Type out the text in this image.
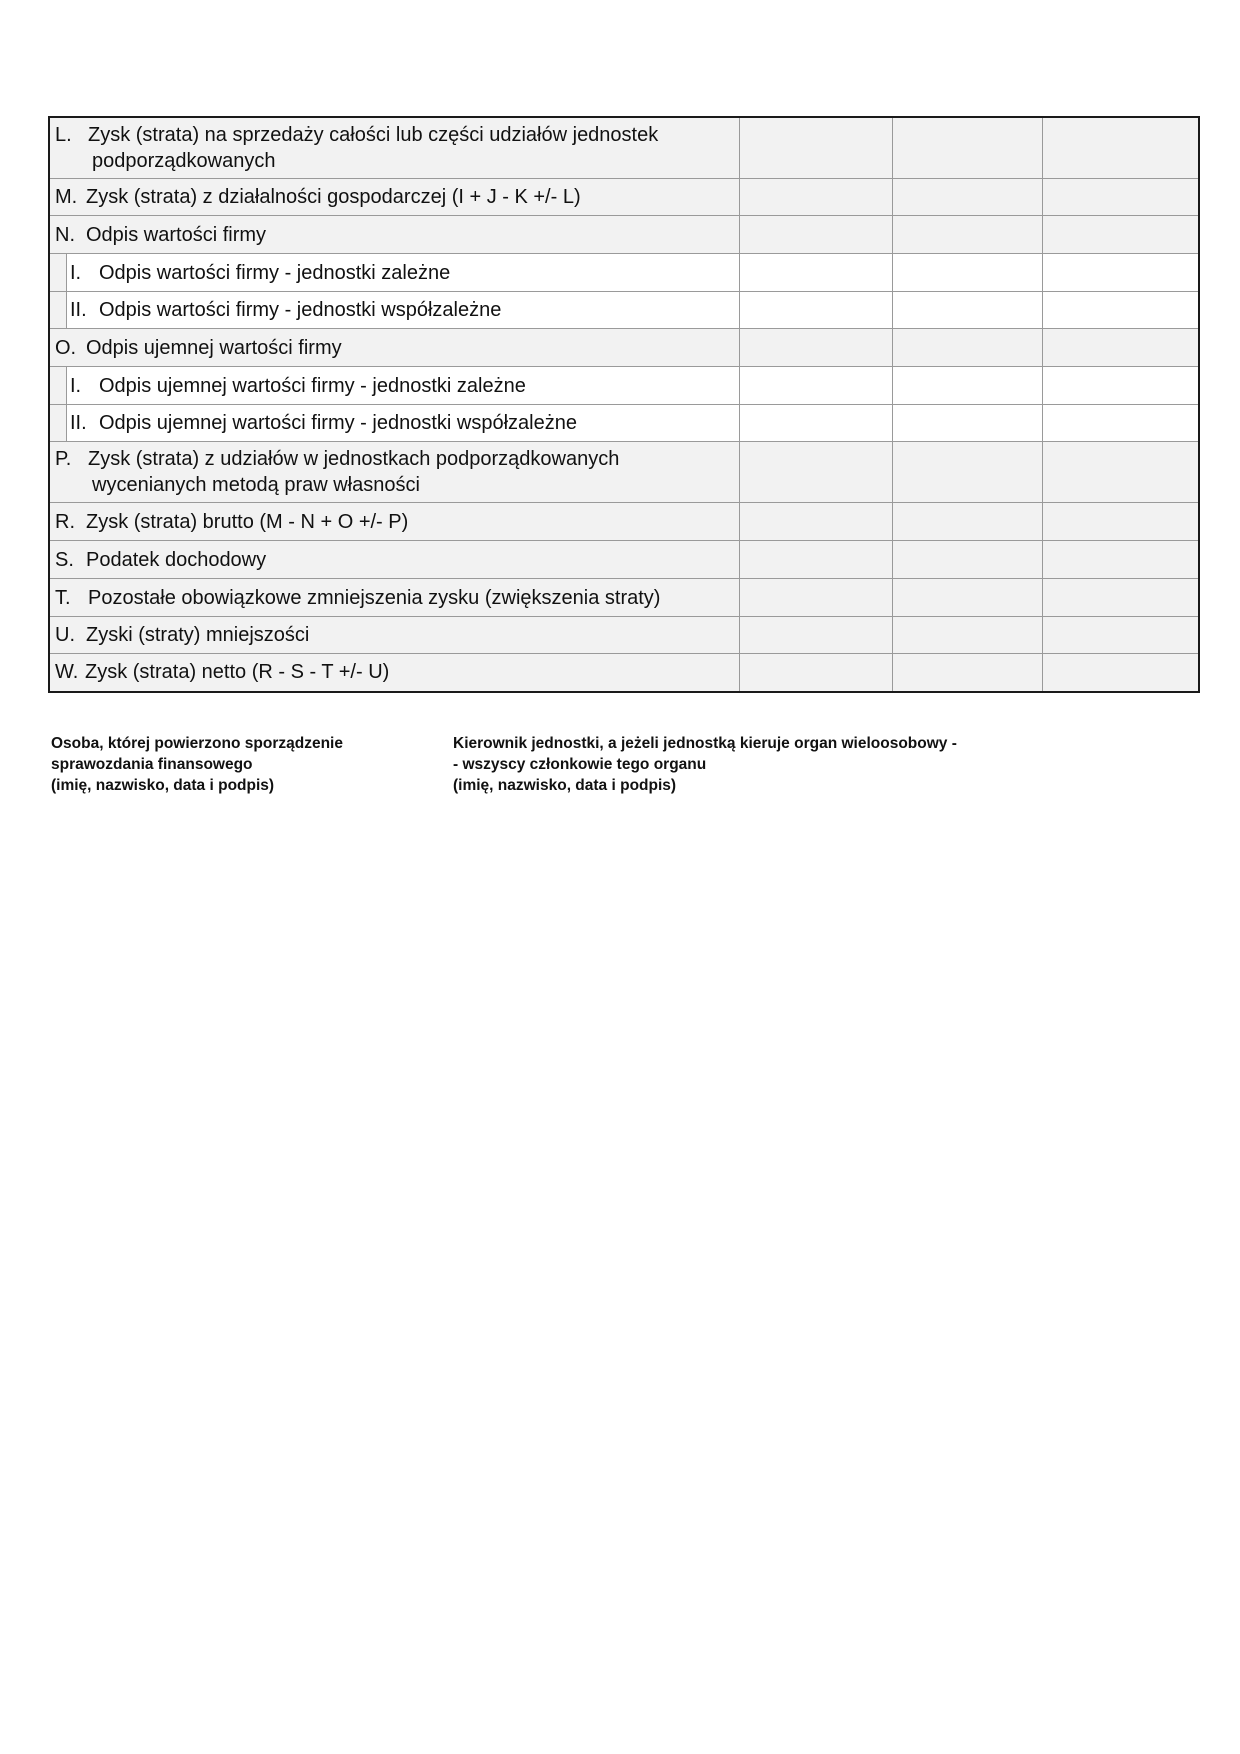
L. Zysk (strata) na sprzedaży całości lub części udziałów jednostek
podporządkowanych			

M. Zysk (strata) z działalności gospodarczej (I + J - K +/- L)			
N. Odpis wartości firmy			
I. Odpis wartości firmy - jednostki zależne			
II. Odpis wartości firmy - jednostki współzależne			
O. Odpis ujemnej wartości firmy			
I. Odpis ujemnej wartości firmy - jednostki zależne			
II. Odpis ujemnej wartości firmy - jednostki współzależne			
P. Zysk (strata) z udziałów w jednostkach podporządkowanych
wycenianych metodą praw własności			

R. Zysk (strata) brutto (M - N + O +/- P)			
S. Podatek dochodowy			
T. Pozostałe obowiązkowe zmniejszenia zysku (zwiększenia straty)			
U. Zyski (straty) mniejszości			
W. Zysk (strata) netto (R - S - T +/- U)			
Osoba, której powierzono sporządzenie
sprawozdania finansowego
(imię, nazwisko, data i podpis)
Kierownik jednostki, a jeżeli jednostką kieruje organ wieloosobowy -
- wszyscy członkowie tego organu
(imię, nazwisko, data i podpis)
